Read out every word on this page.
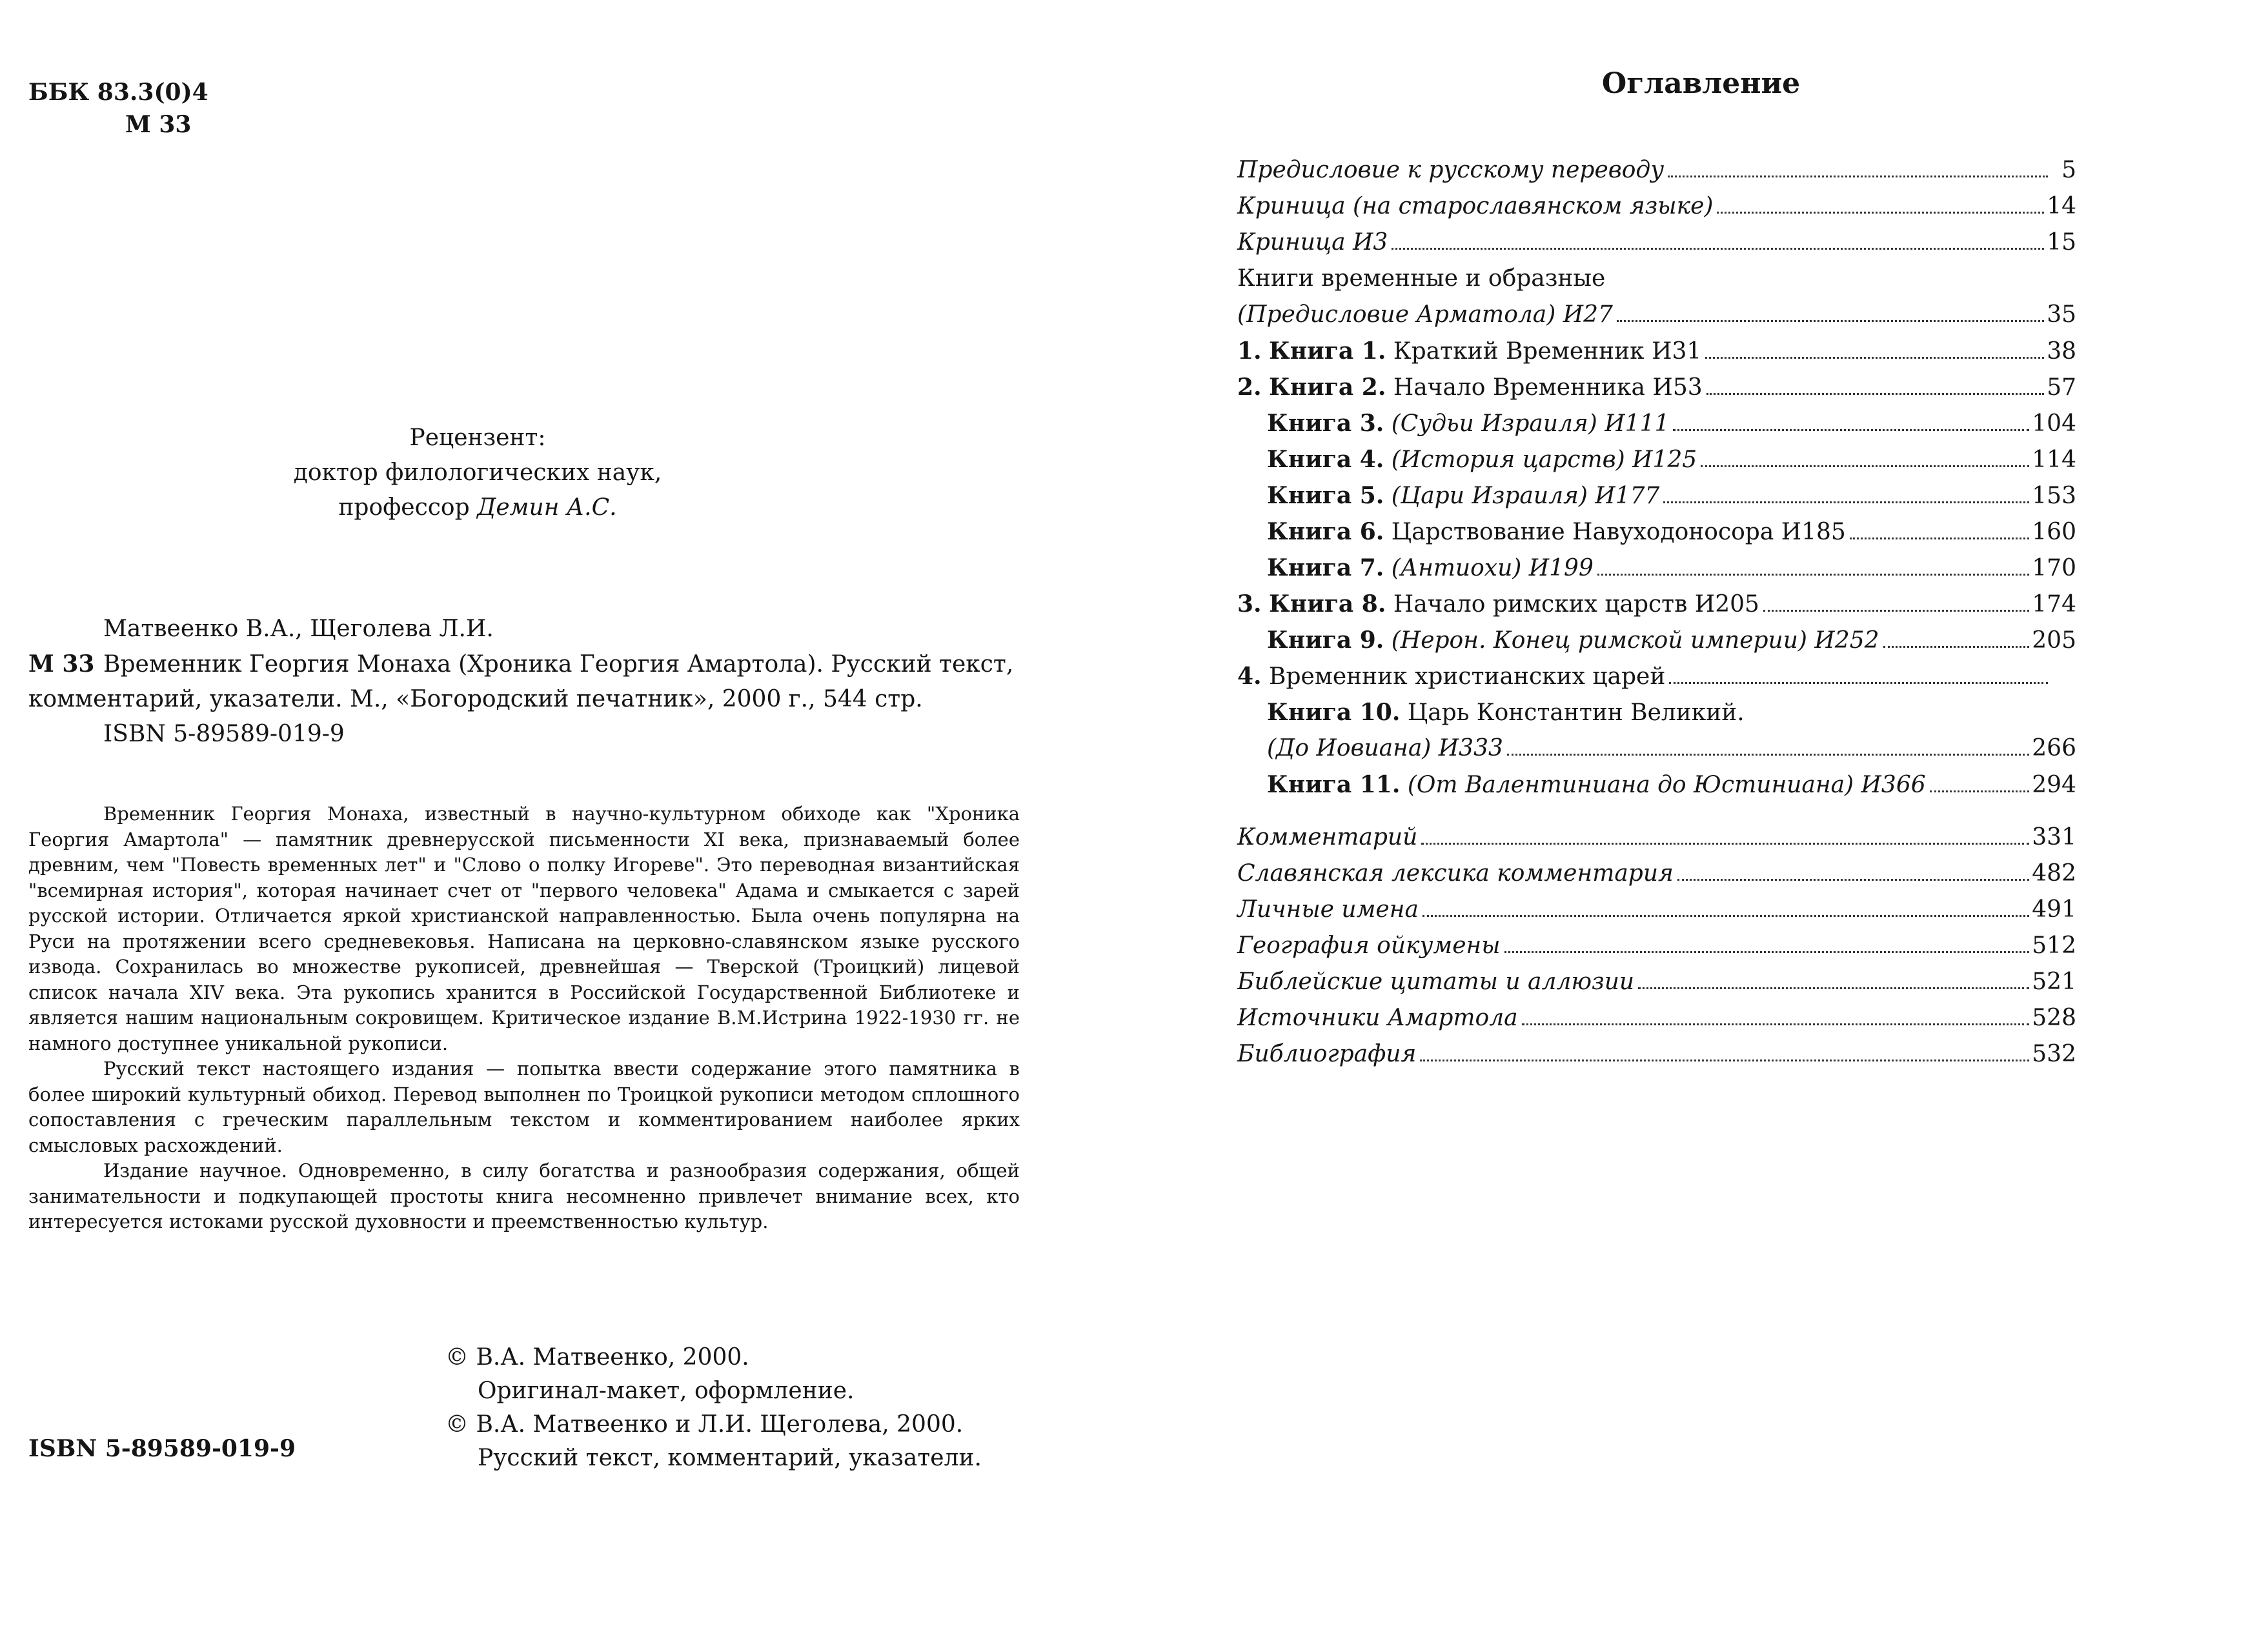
ББК 83.3(0)4
М 33
Рецензент:
доктор филологических наук,
профессор Демин А.С.
Матвеенко В.А., Щеголева Л.И.
М 33 Временник Георгия Монаха (Хроника Георгия Амартола). Русский текст,
комментарий, указатели. М., «Богородский печатник», 2000 г., 544 стр.
ISBN 5-89589-019-9

Временник Георгия Монаха, известный в научно-культурном обиходе как "Хроника Георгия Амартола" — памятник древнерусской письменности XI века, признаваемый более древним, чем "Повесть временных лет" и "Слово о полку Игореве". Это переводная византийская "всемирная история", которая начинает счет от "первого человека" Адама и смыкается с зарей русской истории. Отличается яркой христианской направленностью. Была очень популярна на Руси на протяжении всего средневековья. Написана на церковно-славянском языке русского извода. Сохранилась во множестве рукописей, древнейшая — Тверской (Троицкий) лицевой список начала XIV века. Эта рукопись хранится в Российской Государственной Библиотеке и является нашим национальным сокровищем. Критическое издание В.М.Истрина 1922-1930 гг. не намного доступнее уникальной рукописи.

Русский текст настоящего издания — попытка ввести содержание этого памятника в более широкий культурный обиход. Перевод выполнен по Троицкой рукописи методом сплошного сопоставления с греческим параллельным текстом и комментированием наиболее ярких смысловых расхождений.

Издание научное. Одновременно, в силу богатства и разнообразия содержания, общей занимательности и подкупающей простоты книга несомненно привлечет внимание всех, кто интересуется истоками русской духовности и преемственностью культур.

© В.А. Матвеенко, 2000.
Оригинал-макет, оформление.
© В.А. Матвеенко и Л.И. Щеголева, 2000.
Русский текст, комментарий, указатели.
ISBN 5-89589-019-9
Оглавление
Предисловие к русскому переводу	5
Криница (на старославянском языке)	14
Криница И3	15
Книги временные и образные
(Предисловие Арматола) И27	35
1. Книга 1. Краткий Временник И31	38
2. Книга 2. Начало Временника И53	57
Книга 3. (Судьи Израиля) И111	104
Книга 4. (История царств) И125	114
Книга 5. (Цари Израиля) И177	153
Книга 6. Царствование Навуходоносора И185	160
Книга 7. (Антиохи) И199	170
3. Книга 8. Начало римских царств И205	174
Книга 9. (Нерон. Конец римской империи) И252	205
4. Временник христианских царей
Книга 10. Царь Константин Великий.
(До Иовиана) И333	266
Книга 11. (От Валентиниана до Юстиниана) И366	294
Комментарий	331
Славянская лексика комментария	482
Личные имена	491
География ойкумены	512
Библейские цитаты и аллюзии	521
Источники Амартола	528
Библиография	532
